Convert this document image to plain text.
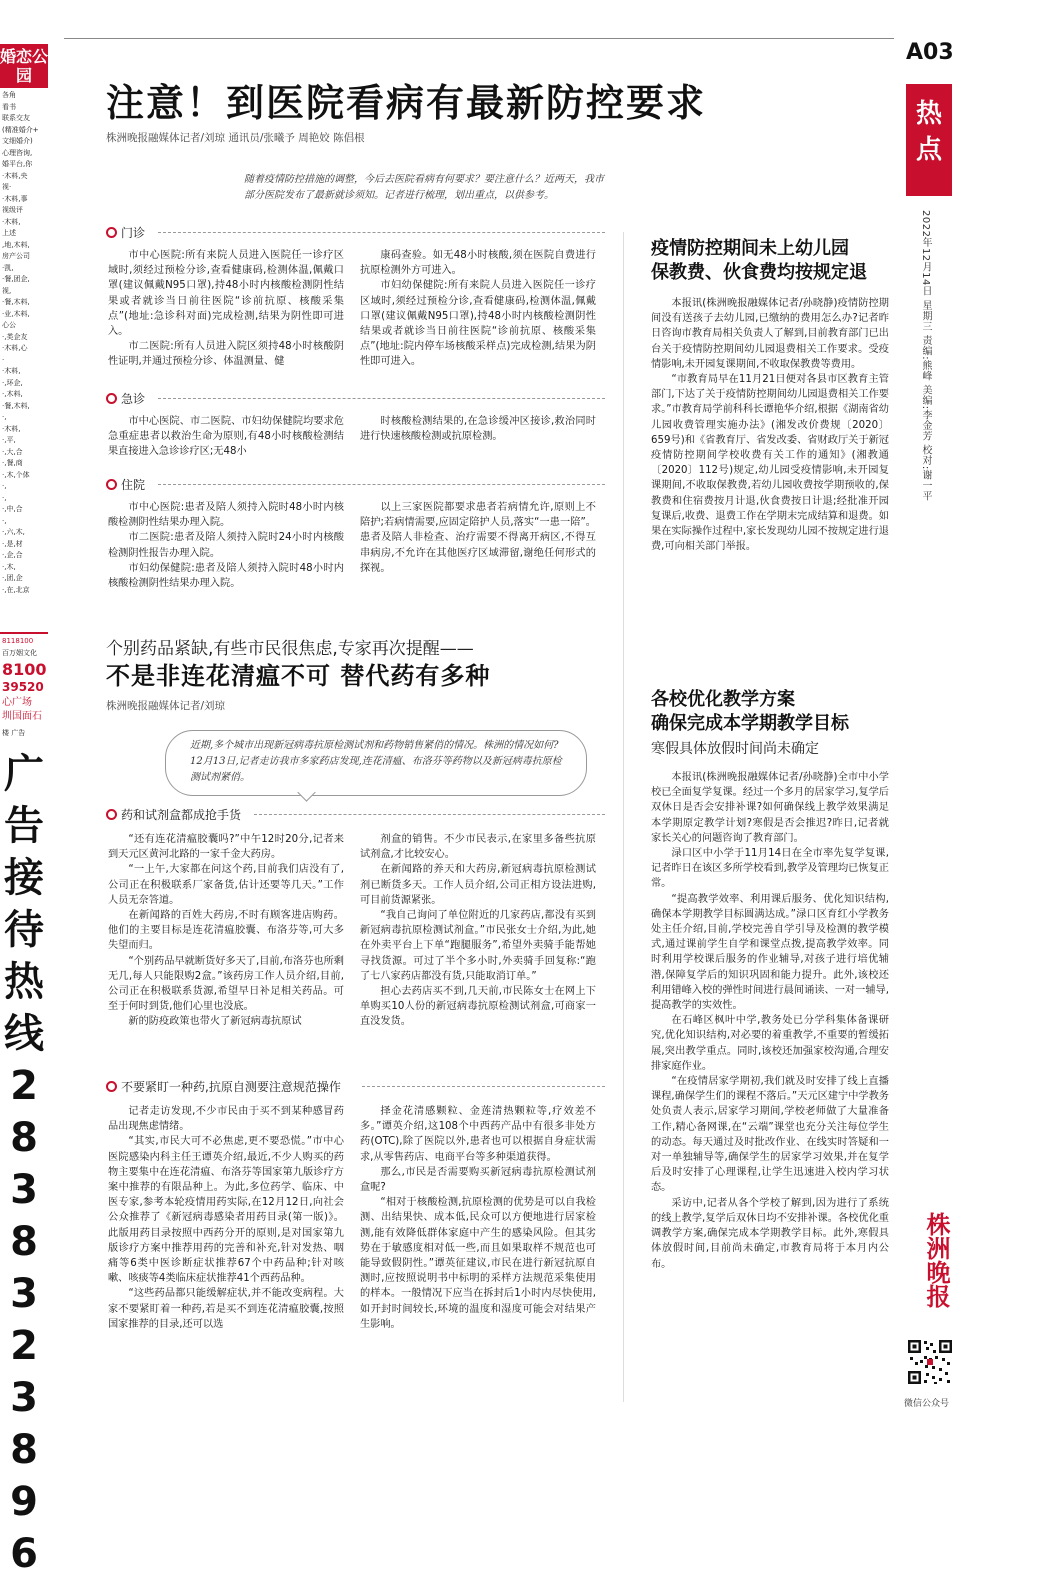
婚恋公园
各角
看书
联系交友
(精准婚介+
文细婚介)
心理咨询,
婚平台,你
·木料,央
视·
·木料,事
视级评
·木料,
上述
,地,木料,
房产公司
·凯,
·餐,团企,
视,
·餐,木料,
·业,木料,
心公
·,类企友
·木料,心
·
·木料,
·,环企,
·,木料,
·餐,木料,
·,
·木料,
·,平,
·,大,合
·,餐,商
·,木,个体
·,
·,
·,中,合
·,
·,六,木,
·,是,材
·,企,合
·,木,
·,团,企
·,在,北京
8118100
百万姻文化
8100
39520
心广场
圳国面石
楼 广告
广告接待热线2838323896
A03
热点
2022年12月14日 星期三 责编:熊峰 美编:李金芳 校对:谢一平
株洲晚报
微信公众号
注意！到医院看病有最新防控要求
株洲晚报融媒体记者/刘琼 通讯员/张曦予 周艳姣 陈倡根
随着疫情防控措施的调整，今后去医院看病有何要求？要注意什么？近两天，我市部分医院发布了最新就诊须知。记者进行梳理，划出重点，以供参考。
门诊

市中心医院:所有来院人员进入医院任一诊疗区域时,须经过预检分诊,查看健康码,检测体温,佩戴口罩(建议佩戴N95口罩),持48小时内核酸检测阴性结果或者就诊当日前往医院“诊前抗原、核酸采集点”(地址:急诊科对面)完成检测,结果为阴性即可进入。

市二医院:所有人员进入院区须持48小时核酸阴性证明,并通过预检分诊、体温测量、健

康码查验。如无48小时核酸,须在医院自费进行抗原检测外方可进入。

市妇幼保健院:所有来院人员进入医院任一诊疗区域时,须经过预检分诊,查看健康码,检测体温,佩戴口罩(建议佩戴N95口罩),持48小时内核酸检测阴性结果或者就诊当日前往医院“诊前抗原、核酸采集点”(地址:院内停车场核酸采样点)完成检测,结果为阴性即可进入。

急诊

市中心医院、市二医院、市妇幼保健院均要求危急重症患者以救治生命为原则,有48小时核酸检测结果直接进入急诊诊疗区;无48小

时核酸检测结果的,在急诊缓冲区接诊,救治同时进行快速核酸检测或抗原检测。

住院

市中心医院:患者及陪人须持入院时48小时内核酸检测阴性结果办理入院。

市二医院:患者及陪人须持入院时24小时内核酸检测阴性报告办理入院。

市妇幼保健院:患者及陪人须持入院时48小时内核酸检测阴性结果办理入院。

以上三家医院都要求患者若病情允许,原则上不陪护;若病情需要,应固定陪护人员,落实“一患一陪”。患者及陪人非检查、治疗需要不得离开病区,不得互串病房,不允许在其他医疗区域滞留,谢绝任何形式的探视。

个别药品紧缺,有些市民很焦虑,专家再次提醒——
不是非连花清瘟不可 替代药有多种
株洲晚报融媒体记者/刘琼
近期,多个城市出现新冠病毒抗原检测试剂和药物销售紧俏的情况。株洲的情况如何?12月13日,记者走访我市多家药店发现,连花清瘟、布洛芬等药物以及新冠病毒抗原检测试剂紧俏。
药和试剂盒都成抢手货

“还有连花清瘟胶囊吗?”中午12时20分,记者来到天元区黄河北路的一家千金大药房。

“一上午,大家都在问这个药,目前我们店没有了,公司正在积极联系厂家备货,估计还要等几天。”工作人员无奈答道。

在新闻路的百姓大药房,不时有顾客进店购药。他们的主要目标是连花清瘟胶囊、布洛芬等,可大多失望而归。

“个别药品早就断货好多天了,目前,布洛芬也所剩无几,每人只能限购2盒。”该药房工作人员介绍,目前,公司正在积极联系货源,希望早日补足相关药品。可至于何时到货,他们心里也没底。

新的防疫政策也带火了新冠病毒抗原试

剂盒的销售。不少市民表示,在家里多备些抗原试剂盒,才比较安心。

在新闻路的养天和大药房,新冠病毒抗原检测试剂已断货多天。工作人员介绍,公司正相方设法进购,可目前货源紧张。

“我自己询问了单位附近的几家药店,都没有买到新冠病毒抗原检测试剂盒。”市民张女士介绍,为此,她在外卖平台上下单“跑腿服务”,希望外卖骑手能帮她寻找货源。可过了半个多小时,外卖骑手回复称:“跑了七八家药店都没有货,只能取消订单。”

担心去药店买不到,几天前,市民陈女士在网上下单购买10人份的新冠病毒抗原检测试剂盒,可商家一直没发货。

不要紧盯一种药,抗原自测要注意规范操作

记者走访发现,不少市民由于买不到某种感冒药品出现焦虑情绪。

“其实,市民大可不必焦虑,更不要恐慌。”市中心医院感染内科主任王谭英介绍,最近,不少人购买的药物主要集中在连花清瘟、布洛芬等国家第九版诊疗方案中推荐的有限品种上。为此,多位药学、临床、中医专家,参考本轮疫情用药实际,在12月12日,向社会公众推荐了《新冠病毒感染者用药目录(第一版)》。此版用药目录按照中西药分开的原则,是对国家第九版诊疗方案中推荐用药的完善和补充,针对发热、咽痛等6类中医诊断症状推荐67个中药品种;针对咳嗽、咳痰等4类临床症状推荐41个西药品种。

“这些药品都只能缓解症状,并不能改变病程。大家不要紧盯着一种药,若是买不到连花清瘟胶囊,按照国家推荐的目录,还可以选

择金花清感颗粒、金莲清热颗粒等,疗效差不多。”谭英介绍,这108个中西药产品中有很多非处方药(OTC),除了医院以外,患者也可以根据自身症状需求,从零售药店、电商平台等多种渠道获得。

那么,市民是否需要购买新冠病毒抗原检测试剂盒呢?

“相对于核酸检测,抗原检测的优势是可以自我检测、出结果快、成本低,民众可以方便地进行居家检测,能有效降低群体家庭中产生的感染风险。但其劣势在于敏感度相对低一些,而且如果取样不规范也可能导致假阴性。”谭英征建议,市民在进行新冠抗原自测时,应按照说明书中标明的采样方法规范采集使用的样本。一般情况下应当在拆封后1小时内尽快使用,如开封时间较长,环境的温度和湿度可能会对结果产生影响。

疫情防控期间未上幼儿园
保教费、伙食费均按规定退

本报讯(株洲晚报融媒体记者/孙晓静)疫情防控期间没有送孩子去幼儿园,已缴纳的费用怎么办?记者昨日咨询市教育局相关负责人了解到,目前教育部门已出台关于疫情防控期间幼儿园退费相关工作要求。受疫情影响,未开园复课期间,不收取保教费等费用。

“市教育局早在11月21日便对各县市区教育主管部门,下达了关于疫情防控期间幼儿园退费相关工作要求。”市教育局学前科科长谭艳华介绍,根据《湖南省幼儿园收费管理实施办法》(湘发改价费规〔2020〕659号)和《省教育厅、省发改委、省财政厅关于新冠疫情防控期间学校收费有关工作的通知》(湘教通〔2020〕112号)规定,幼儿园受疫情影响,未开园复课期间,不收取保教费,若幼儿园收费按学期预收的,保教费和住宿费按月计退,伙食费按日计退;经批准开园复课后,收费、退费工作在学期末完成结算和退费。如果在实际操作过程中,家长发现幼儿园不按规定进行退费,可向相关部门举报。

各校优化教学方案
确保完成本学期教学目标
寒假具体放假时间尚未确定

本报讯(株洲晚报融媒体记者/孙晓静)全市中小学校已全面复学复课。经过一个多月的居家学习,复学后双休日是否会安排补课?如何确保线上教学效果满足本学期原定教学计划?寒假是否会推迟?昨日,记者就家长关心的问题咨询了教育部门。

渌口区中小学于11月14日在全市率先复学复课,记者昨日在该区多所学校看到,教学及管理均已恢复正常。

“提高教学效率、利用课后服务、优化知识结构,确保本学期教学目标圆满达成。”渌口区育红小学教务处主任介绍,目前,学校完善自学引导及检测的教学模式,通过课前学生自学和课堂点拨,提高教学效率。同时利用学校课后服务的作业辅导,对孩子进行培优辅潜,保障复学后的知识巩固和能力提升。此外,该校还利用错峰入校的弹性时间进行晨间诵读、一对一辅导,提高教学的实效性。

在石峰区枫叶中学,教务处已分学科集体备课研究,优化知识结构,对必要的着重教学,不重要的暂缓拓展,突出教学重点。同时,该校还加强家校沟通,合理安排家庭作业。

“在疫情居家学期初,我们就及时安排了线上直播课程,确保学生们的课程不落后。”天元区建宁中学教务处负责人表示,居家学习期间,学校老师做了大量准备工作,精心备网课,在“云端”课堂也充分关注每位学生的动态。每天通过及时批改作业、在线实时答疑和一对一单独辅导等,确保学生的居家学习效果,并在复学后及时安排了心理课程,让学生迅速进入校内学习状态。

采访中,记者从各个学校了解到,因为进行了系统的线上教学,复学后双休日均不安排补课。各校优化重调教学方案,确保完成本学期教学目标。此外,寒假具体放假时间,目前尚未确定,市教育局将于本月内公布。
